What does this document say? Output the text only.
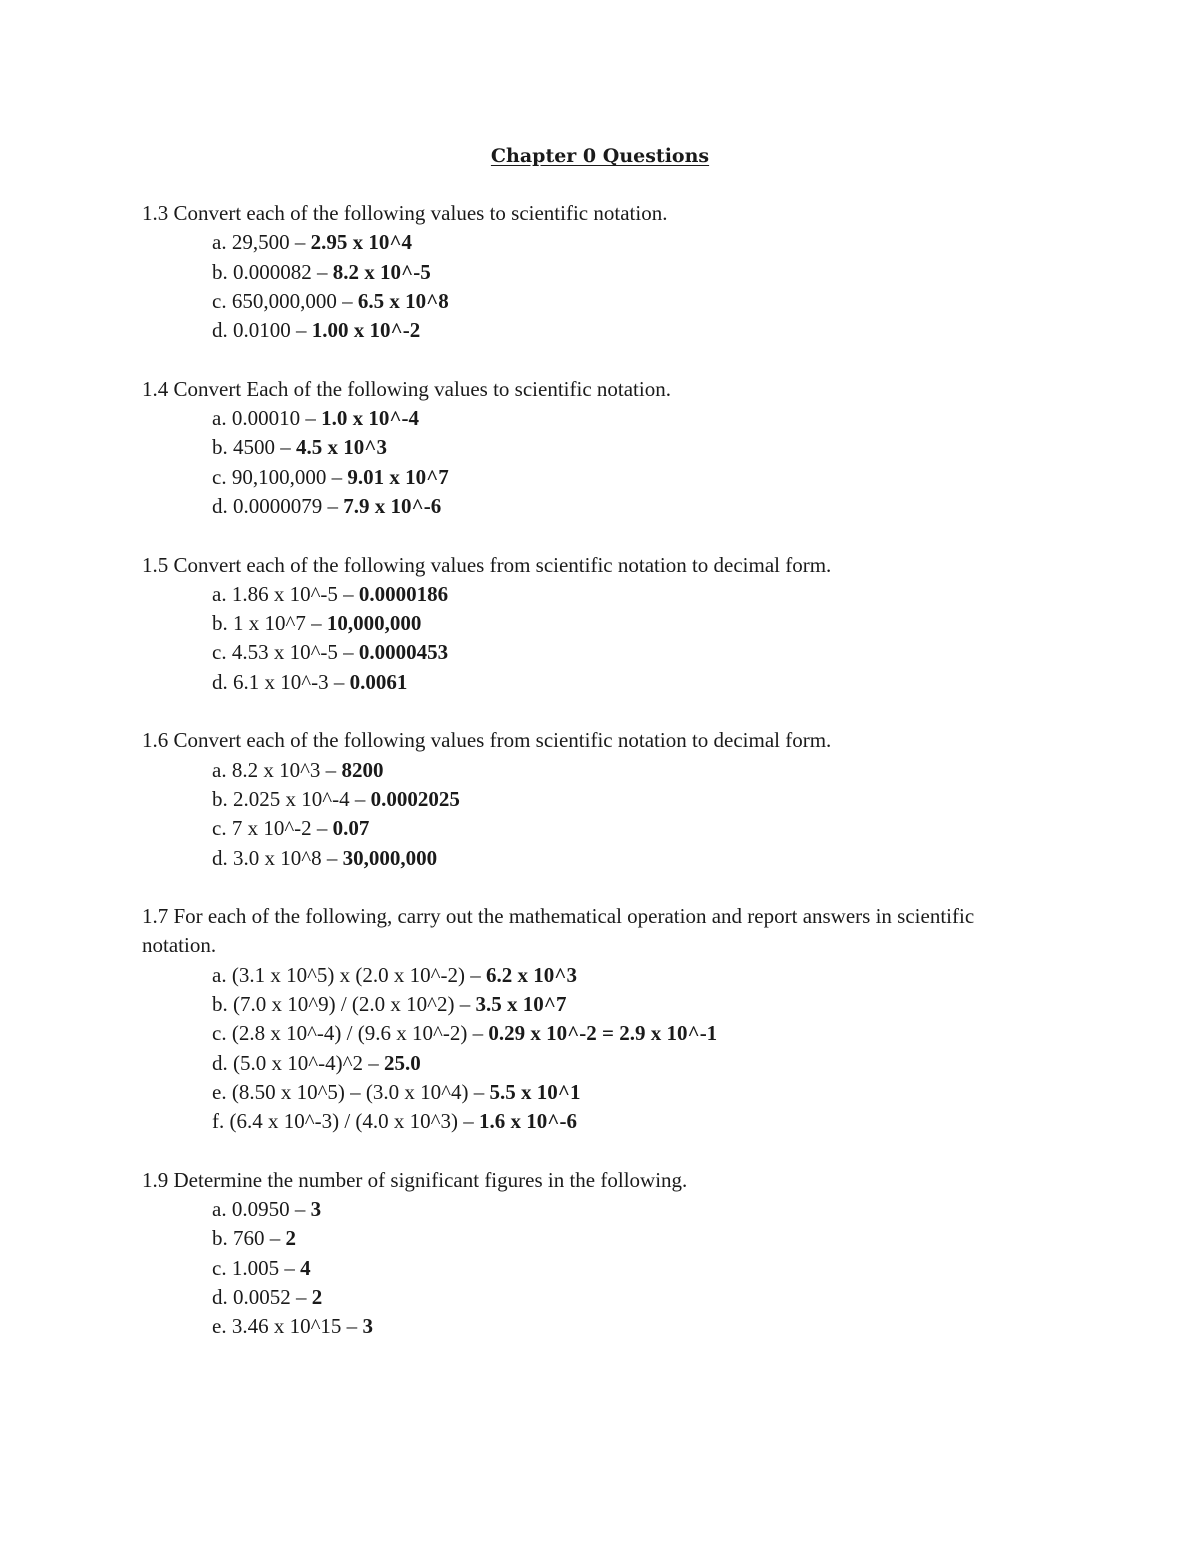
Chapter 0 Questions

1.3 Convert each of the following values to scientific notation.

a. 29,500 – 2.95 x 10^4
b. 0.000082 – 8.2 x 10^-5
c. 650,000,000 – 6.5 x 10^8
d. 0.0100 – 1.00 x 10^-2

1.4 Convert Each of the following values to scientific notation.

a. 0.00010 – 1.0 x 10^-4
b. 4500 – 4.5 x 10^3
c. 90,100,000 – 9.01 x 10^7
d. 0.0000079 – 7.9 x 10^-6

1.5 Convert each of the following values from scientific notation to decimal form.

a. 1.86 x 10^-5 – 0.0000186
b. 1 x 10^7 – 10,000,000
c. 4.53 x 10^-5 – 0.0000453
d. 6.1 x 10^-3 – 0.0061

1.6 Convert each of the following values from scientific notation to decimal form.

a. 8.2 x 10^3 – 8200
b. 2.025 x 10^-4 – 0.0002025
c. 7 x 10^-2 – 0.07
d. 3.0 x 10^8 – 30,000,000

1.7 For each of the following, carry out the mathematical operation and report answers in scientific notation.

a. (3.1 x 10^5) x (2.0 x 10^-2) – 6.2 x 10^3
b. (7.0 x 10^9) / (2.0 x 10^2) – 3.5 x 10^7
c. (2.8 x 10^-4) / (9.6 x 10^-2) – 0.29 x 10^-2 = 2.9 x 10^-1
d. (5.0 x 10^-4)^2 – 25.0
e. (8.50 x 10^5) – (3.0 x 10^4) – 5.5 x 10^1
f. (6.4 x 10^-3) / (4.0 x 10^3) – 1.6 x 10^-6

1.9 Determine the number of significant figures in the following.

a. 0.0950 – 3
b. 760 – 2
c. 1.005 – 4
d. 0.0052 – 2
e. 3.46 x 10^15 – 3
